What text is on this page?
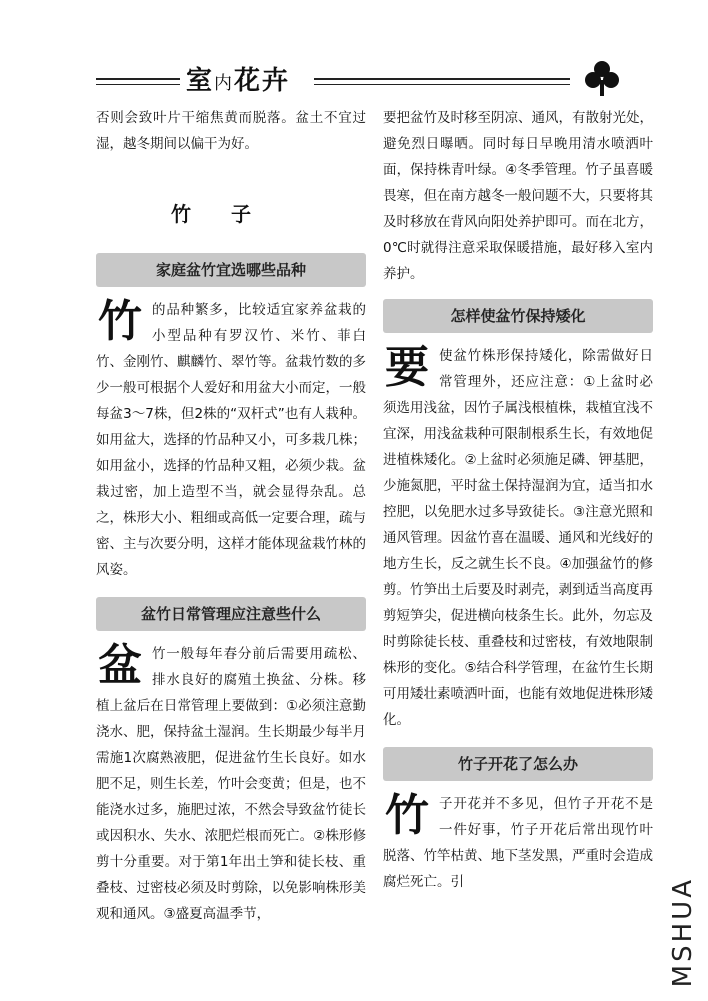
室内花卉

否则会致叶片干缩焦黄而脱落。盆土不宜过湿，越冬期间以偏干为好。

竹子
家庭盆竹宜选哪些品种

竹的品种繁多，比较适宜家养盆栽的小型品种有罗汉竹、米竹、菲白竹、金刚竹、麒麟竹、翠竹等。盆栽竹数的多少一般可根据个人爱好和用盆大小而定，一般每盆3～7株，但2株的“双杆式”也有人栽种。如用盆大，选择的竹品种又小，可多栽几株；如用盆小，选择的竹品种又粗，必须少栽。盆栽过密，加上造型不当，就会显得杂乱。总之，株形大小、粗细或高低一定要合理，疏与密、主与次要分明，这样才能体现盆栽竹林的风姿。

盆竹日常管理应注意些什么

盆竹一般每年春分前后需要用疏松、排水良好的腐殖土换盆、分株。移植上盆后在日常管理上要做到：①必须注意勤浇水、肥，保持盆土湿润。生长期最少每半月需施1次腐熟液肥，促进盆竹生长良好。如水肥不足，则生长差，竹叶会变黄；但是，也不能浇水过多，施肥过浓，不然会导致盆竹徒长或因积水、失水、浓肥烂根而死亡。②株形修剪十分重要。对于第1年出土笋和徒长枝、重叠枝、过密枝必须及时剪除，以免影响株形美观和通风。③盛夏高温季节，

要把盆竹及时移至阴凉、通风，有散射光处，避免烈日曝晒。同时每日早晚用清水喷洒叶面，保持株青叶绿。④冬季管理。竹子虽喜暖畏寒，但在南方越冬一般问题不大，只要将其及时移放在背风向阳处养护即可。而在北方，0℃时就得注意采取保暖措施，最好移入室内养护。

怎样使盆竹保持矮化

要使盆竹株形保持矮化，除需做好日常管理外，还应注意：①上盆时必须选用浅盆，因竹子属浅根植株，栽植宜浅不宜深，用浅盆栽种可限制根系生长，有效地促进植株矮化。②上盆时必须施足磷、钾基肥，少施氮肥，平时盆土保持湿润为宜，适当扣水控肥，以免肥水过多导致徒长。③注意光照和通风管理。因盆竹喜在温暖、通风和光线好的地方生长，反之就生长不良。④加强盆竹的修剪。竹笋出土后要及时剥壳，剥到适当高度再剪短笋尖，促进横向枝条生长。此外，勿忘及时剪除徒长枝、重叠枝和过密枝，有效地限制株形的变化。⑤结合科学管理，在盆竹生长期可用矮壮素喷洒叶面，也能有效地促进株形矮化。

竹子开花了怎么办

竹子开花并不多见，但竹子开花不是一件好事，竹子开花后常出现竹叶脱落、竹竿枯黄、地下茎发黑，严重时会造成腐烂死亡。引	MSHUA
